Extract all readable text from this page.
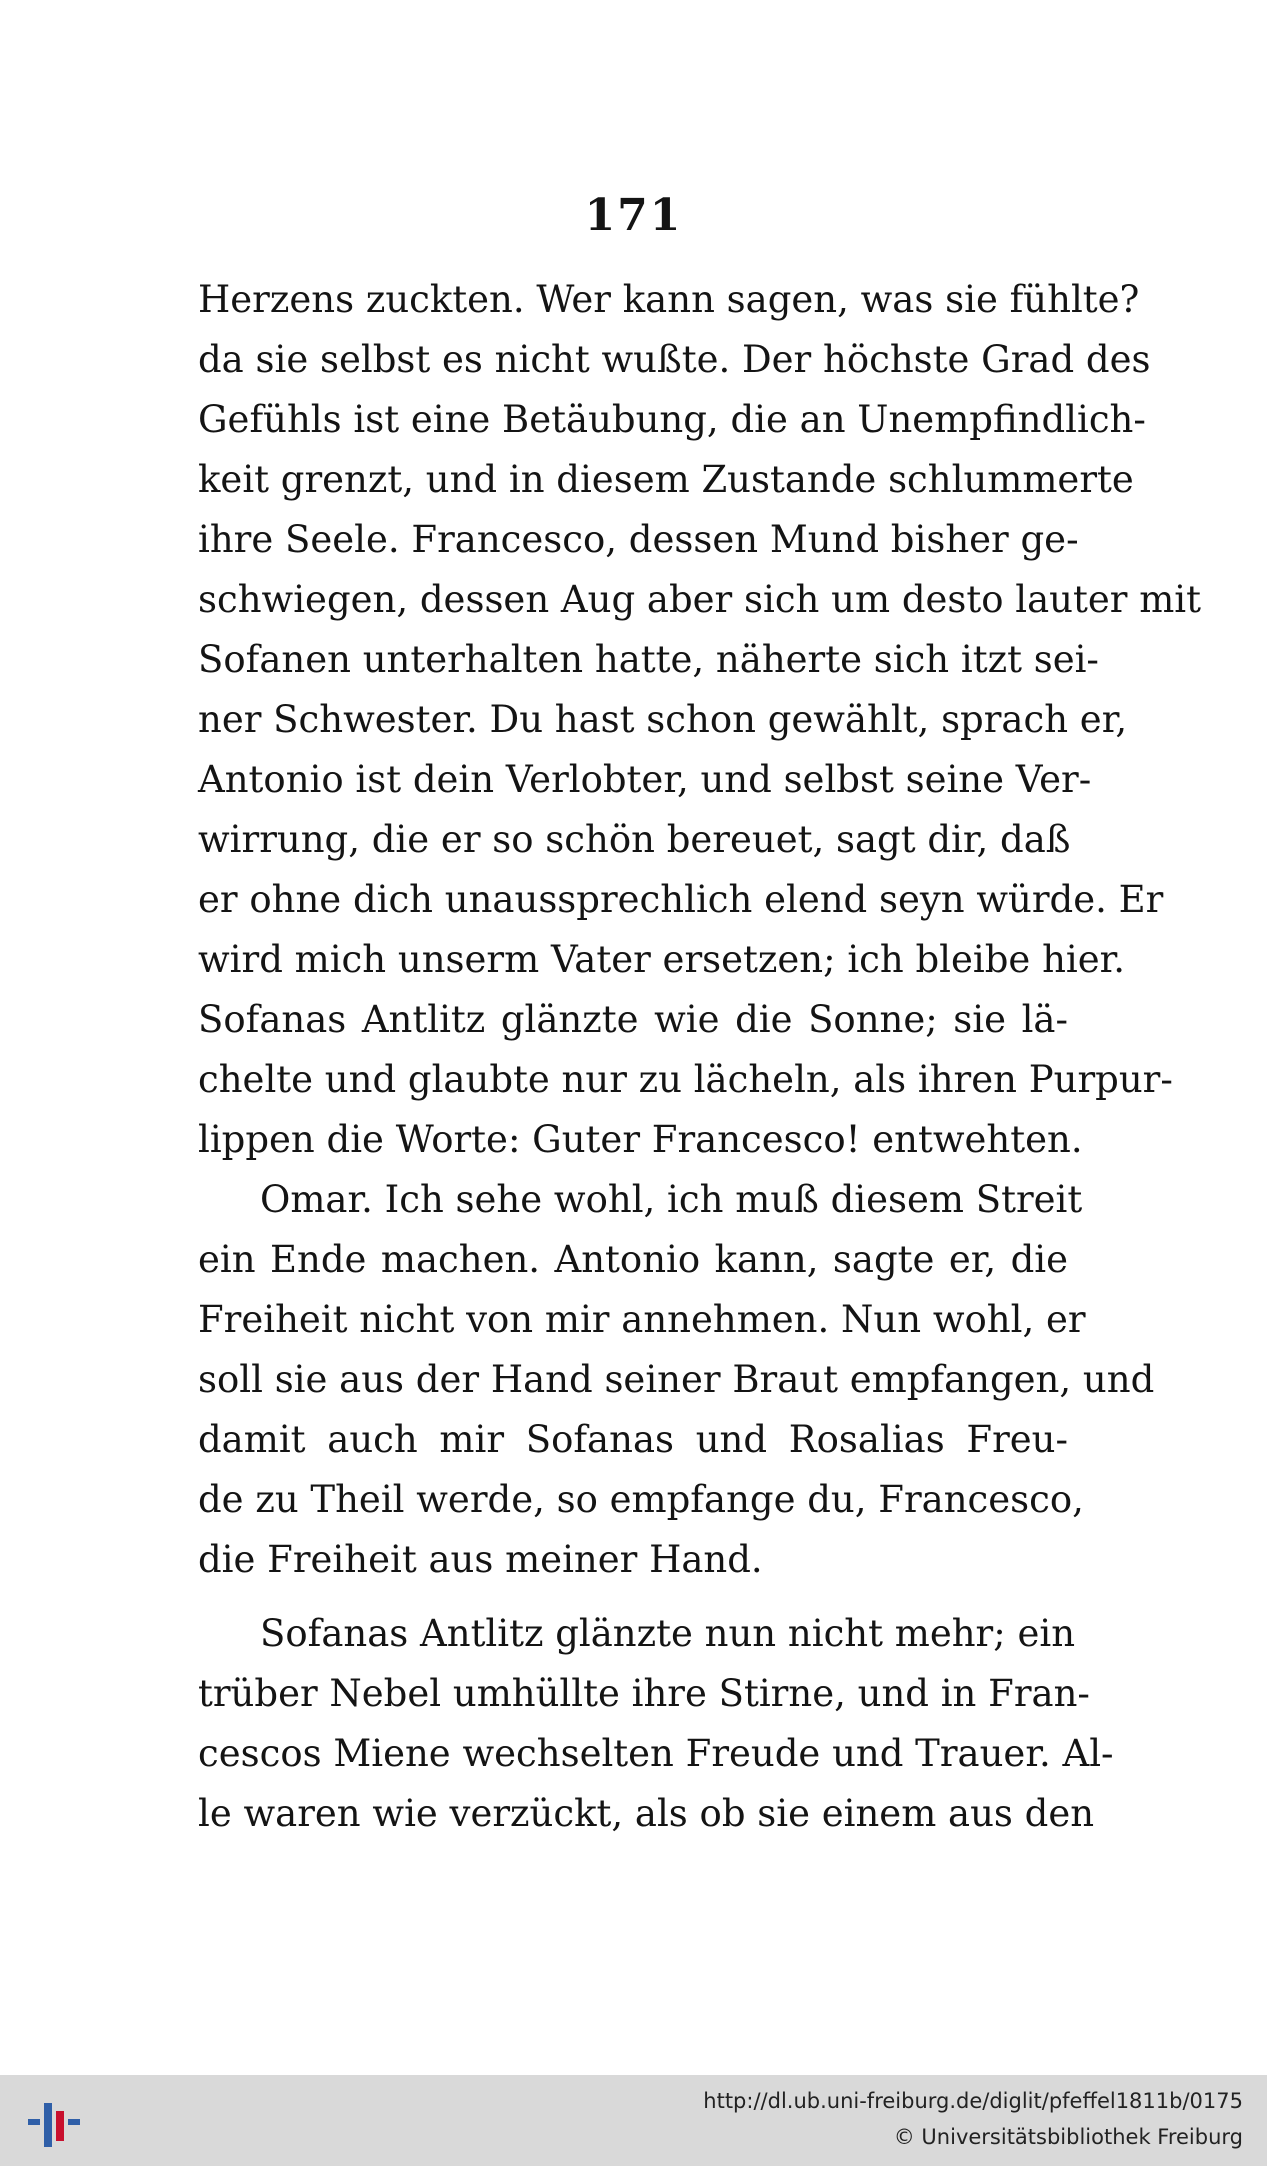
171
Herzens zuckten. Wer kann sagen, was sie fühlte?
da sie selbst es nicht wußte. Der höchste Grad des
Gefühls ist eine Betäubung, die an Unempfindlich-
keit grenzt, und in diesem Zustande schlummerte
ihre Seele. Francesco, dessen Mund bisher ge-
schwiegen, dessen Aug aber sich um desto lauter mit
Sofanen unterhalten hatte, näherte sich itzt sei-
ner Schwester. Du hast schon gewählt, sprach er,
Antonio ist dein Verlobter, und selbst seine Ver-
wirrung, die er so schön bereuet, sagt dir, daß
er ohne dich unaussprechlich elend seyn würde. Er
wird mich unserm Vater ersetzen; ich bleibe hier.
Sofanas Antlitz glänzte wie die Sonne; sie lä-
chelte und glaubte nur zu lächeln, als ihren Purpur-
lippen die Worte: Guter Francesco! entwehten.
Omar. Ich sehe wohl, ich muß diesem Streit
ein Ende machen. Antonio kann, sagte er, die
Freiheit nicht von mir annehmen. Nun wohl, er
soll sie aus der Hand seiner Braut empfangen, und
damit auch mir Sofanas und Rosalias Freu-
de zu Theil werde, so empfange du, Francesco,
die Freiheit aus meiner Hand.
Sofanas Antlitz glänzte nun nicht mehr; ein
trüber Nebel umhüllte ihre Stirne, und in Fran-
cescos Miene wechselten Freude und Trauer. Al-
le waren wie verzückt, als ob sie einem aus den
http://dl.ub.uni-freiburg.de/diglit/pfeffel1811b/0175
© Universitätsbibliothek Freiburg
